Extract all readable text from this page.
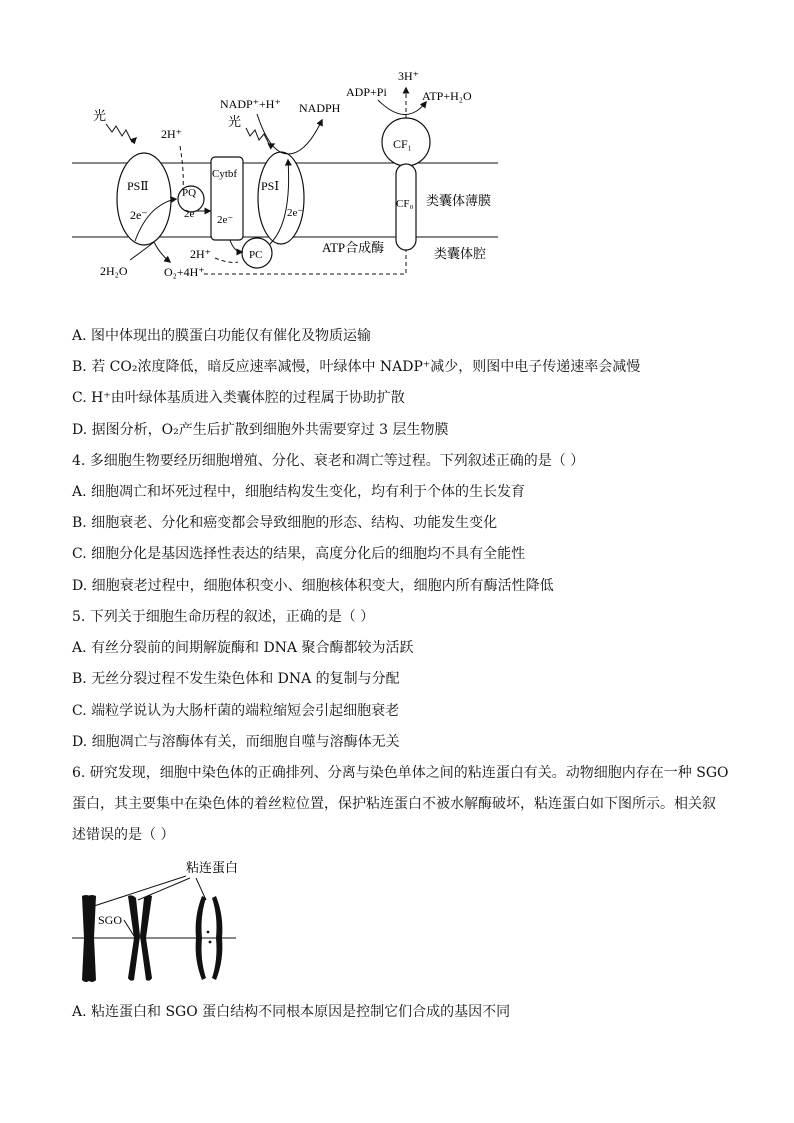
光
2H⁺
PSⅡ
2e⁻
PQ
2e⁻
Cytbf
2e⁻
PSⅠ
2e⁻
PC
光
NADP⁺+H⁺ NADPH
2H⁺
2H₂O	O₂+4H⁺
CF₁
CF₀
3H⁺
ADP+Pi	ATP+H₂O
类囊体薄膜
ATP合成酶	类囊体腔
A. 图中体现出的膜蛋白功能仅有催化及物质运输
B. 若 CO₂浓度降低，暗反应速率减慢，叶绿体中 NADP⁺减少，则图中电子传递速率会减慢
C. H⁺由叶绿体基质进入类囊体腔的过程属于协助扩散
D. 据图分析，O₂产生后扩散到细胞外共需要穿过 3 层生物膜
4. 多细胞生物要经历细胞增殖、分化、衰老和凋亡等过程。下列叙述正确的是（ ）
A. 细胞凋亡和坏死过程中，细胞结构发生变化，均有利于个体的生长发育
B. 细胞衰老、分化和癌变都会导致细胞的形态、结构、功能发生变化
C. 细胞分化是基因选择性表达的结果，高度分化后的细胞均不具有全能性
D. 细胞衰老过程中，细胞体积变小、细胞核体积变大，细胞内所有酶活性降低
5. 下列关于细胞生命历程的叙述，正确的是（ ）
A. 有丝分裂前的间期解旋酶和 DNA 聚合酶都较为活跃
B. 无丝分裂过程不发生染色体和 DNA 的复制与分配
C. 端粒学说认为大肠杆菌的端粒缩短会引起细胞衰老
D. 细胞凋亡与溶酶体有关，而细胞自噬与溶酶体无关
6. 研究发现，细胞中染色体的正确排列、分离与染色单体之间的粘连蛋白有关。动物细胞内存在一种 SGO
蛋白，其主要集中在染色体的着丝粒位置，保护粘连蛋白不被水解酶破坏，粘连蛋白如下图所示。相关叙
述错误的是（ ）
粘连蛋白
SGO
A. 粘连蛋白和 SGO 蛋白结构不同根本原因是控制它们合成的基因不同
